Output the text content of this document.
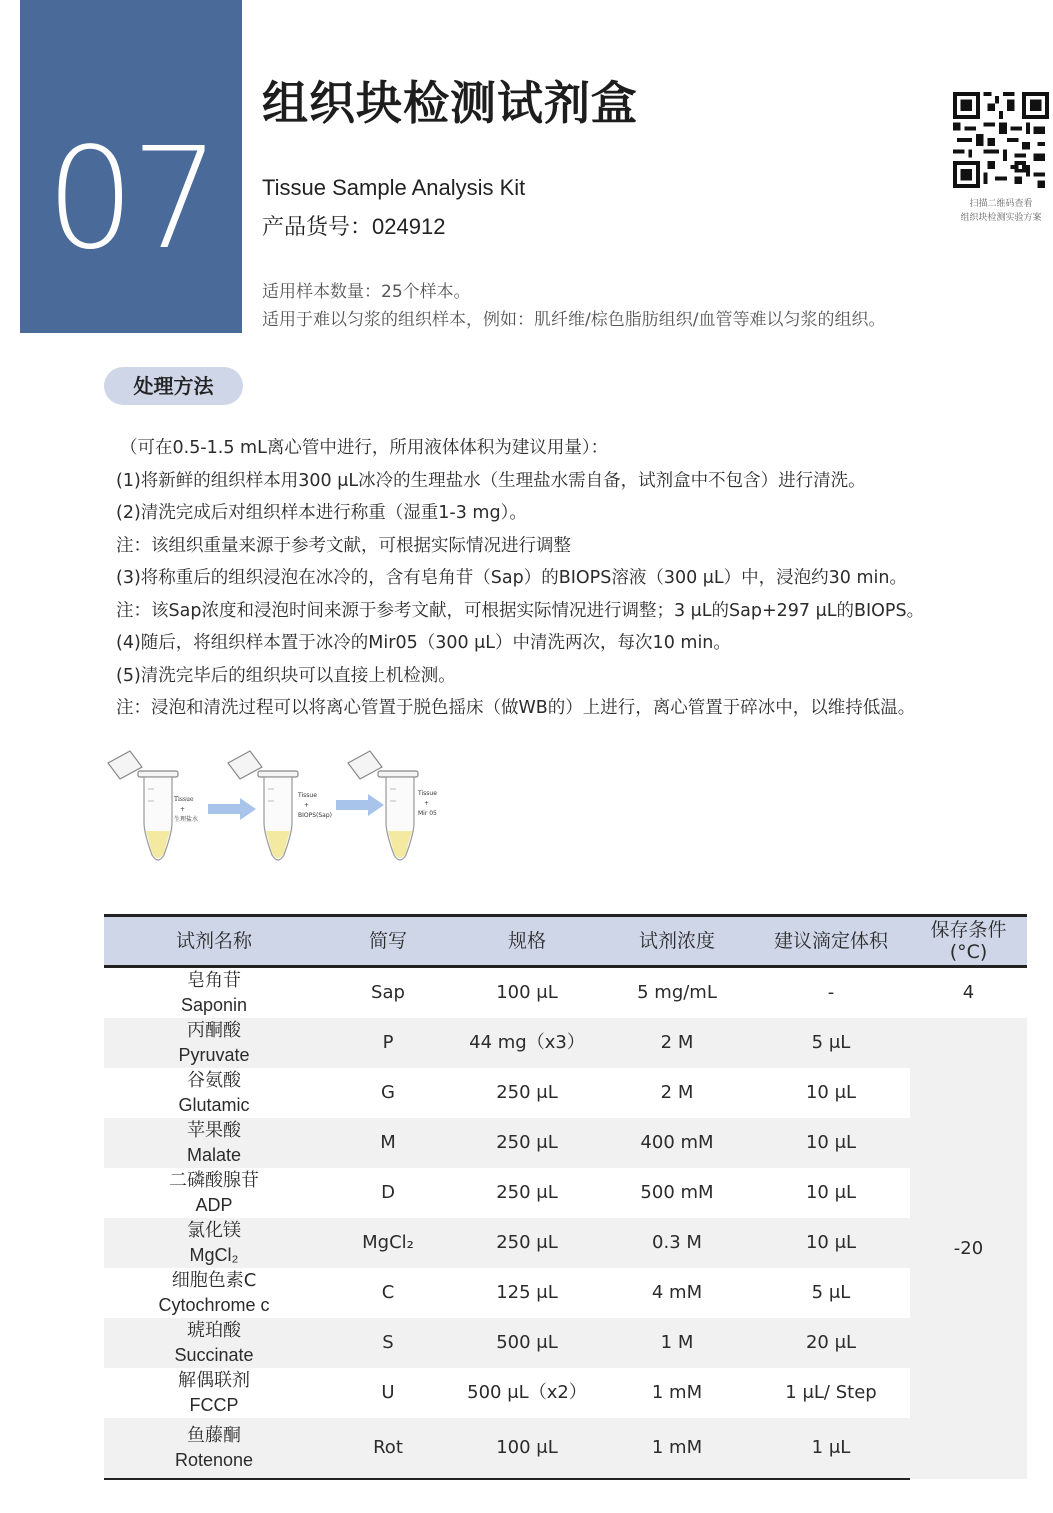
07
组织块检测试剂盒
Tissue Sample Analysis Kit
产品货号：024912
适用样本数量：25个样本。
适用于难以匀浆的组织样本，例如：肌纤维/棕色脂肪组织/血管等难以匀浆的组织。
扫描二维码查看
组织块检测实验方案
处理方法

（可在0.5-1.5 mL离心管中进行，所用液体体积为建议用量）：

(1)将新鲜的组织样本用300 μL冰冷的生理盐水（生理盐水需自备，试剂盒中不包含）进行清洗。

(2)清洗完成后对组织样本进行称重（湿重1-3 mg）。

注：该组织重量来源于参考文献，可根据实际情况进行调整

(3)将称重后的组织浸泡在冰冷的，含有皂角苷（Sap）的BIOPS溶液（300 μL）中，浸泡约30 min。

注：该Sap浓度和浸泡时间来源于参考文献，可根据实际情况进行调整；3 μL的Sap+297 μL的BIOPS。

(4)随后，将组织样本置于冰冷的Mir05（300 μL）中清洗两次，每次10 min。

(5)清洗完毕后的组织块可以直接上机检测。

注：浸泡和清洗过程可以将离心管置于脱色摇床（做WB的）上进行，离心管置于碎冰中，以维持低温。

Tissue
+
生理盐水
Tissue
+
BIOPS(Sap)
Tissue
+
Mir 05
试剂名称	简写	规格	试剂浓度	建议滴定体积	保存条件
(°C)

皂角苷
Saponin	Sap	100 μL	5 mg/mL	-	4

丙酮酸
Pyruvate	P	44 mg（x3）	2 M	5 μL	-20

谷氨酸
Glutamic	G	250 μL	2 M	10 μL	

苹果酸
Malate	M	250 μL	400 mM	10 μL	

二磷酸腺苷
ADP	D	250 μL	500 mM	10 μL	

氯化镁
MgCl₂	MgCl₂	250 μL	0.3 M	10 μL	

细胞色素C
Cytochrome c	C	125 μL	4 mM	5 μL	

琥珀酸
Succinate	S	500 μL	1 M	20 μL	

解偶联剂
FCCP	U	500 μL（x2）	1 mM	1 μL/ Step	

鱼藤酮
Rotenone	Rot	100 μL	1 mM	1 μL	
